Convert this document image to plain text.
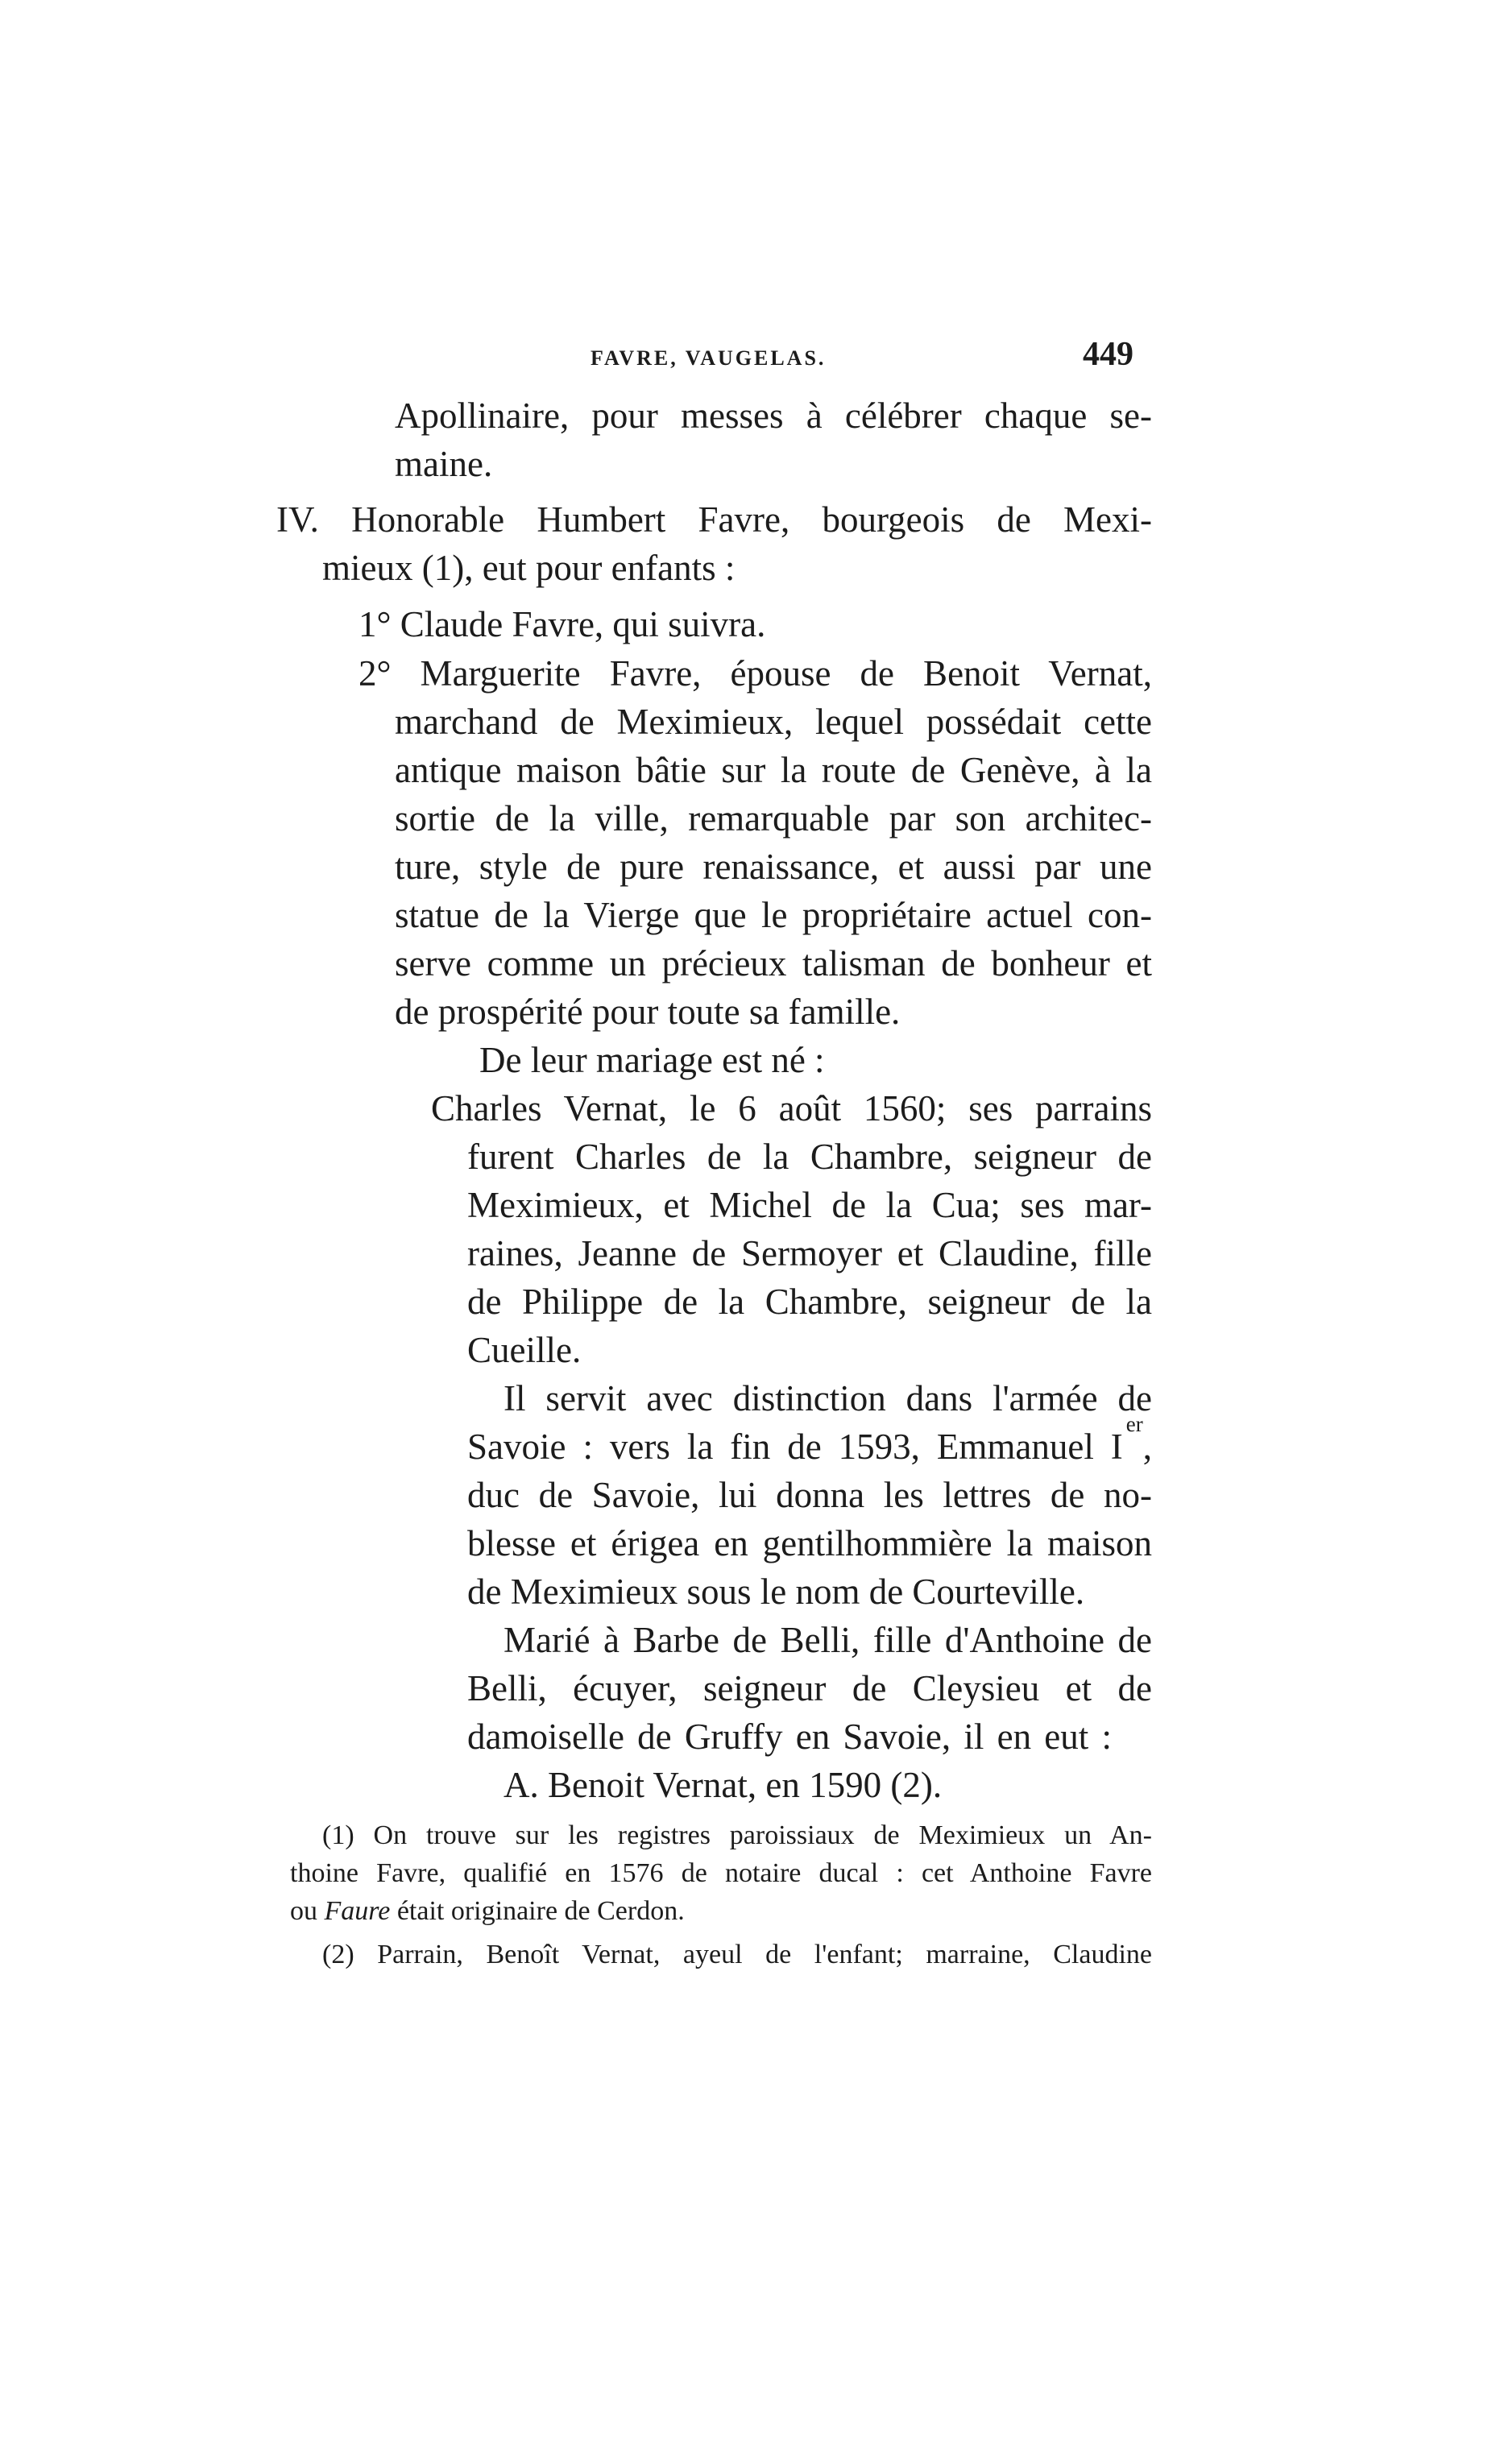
FAVRE, VAUGELAS.	449

Apollinaire, pour messes à célébrer chaque se-

maine.

IV. Honorable Humbert Favre, bourgeois de Mexi-

mieux (1), eut pour enfants :

1° Claude Favre, qui suivra.

2° Marguerite Favre, épouse de Benoit Vernat,

marchand de Meximieux, lequel possédait cette

antique maison bâtie sur la route de Genève, à la

sortie de la ville, remarquable par son architec-

ture, style de pure renaissance, et aussi par une

statue de la Vierge que le propriétaire actuel con-

serve comme un précieux talisman de bonheur et

de prospérité pour toute sa famille.

De leur mariage est né :

Charles Vernat, le 6 août 1560; ses parrains

furent Charles de la Chambre, seigneur de

Meximieux, et Michel de la Cua; ses mar-

raines, Jeanne de Sermoyer et Claudine, fille

de Philippe de la Chambre, seigneur de la

Cueille.

Il servit avec distinction dans l'armée de

Savoie : vers la fin de 1593, Emmanuel I
er
,

duc de Savoie, lui donna les lettres de no-

blesse et érigea en gentilhommière la maison

de Meximieux sous le nom de Courteville.

Marié à Barbe de Belli, fille d'Anthoine de

Belli, écuyer, seigneur de Cleysieu et de

damoiselle de Gruffy en Savoie, il en eut :

A. Benoit Vernat, en 1590 (2).

(1) On trouve sur les registres paroissiaux de Meximieux un An-

thoine Favre, qualifié en 1576 de notaire ducal : cet Anthoine Favre

ou Faure était originaire de Cerdon.

(2) Parrain, Benoît Vernat, ayeul de l'enfant; marraine, Claudine
